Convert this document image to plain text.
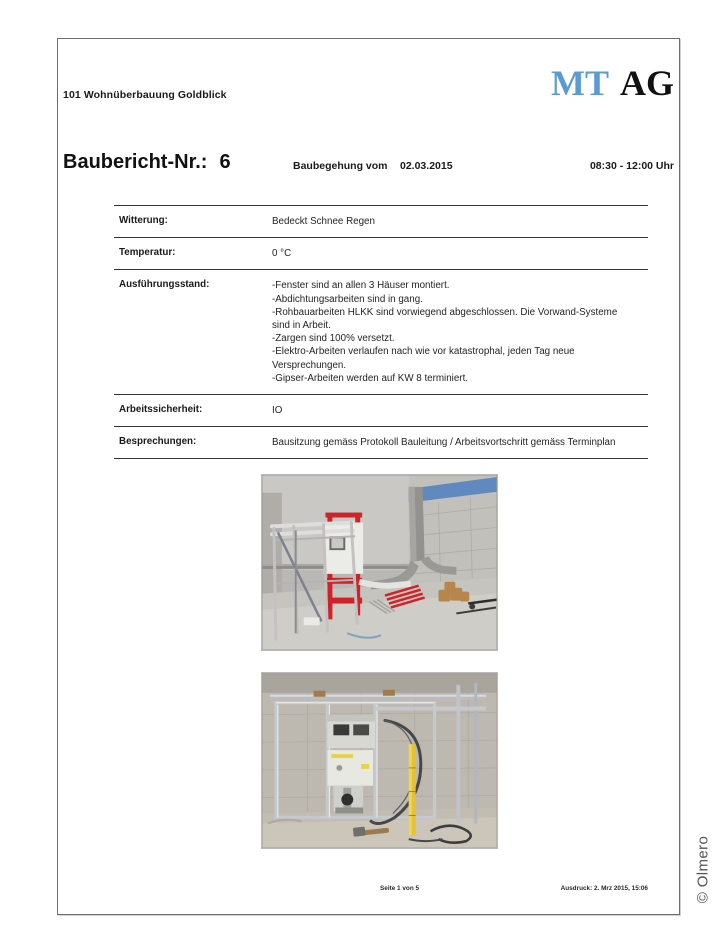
101 Wohnüberbauung Goldblick	MT AG
Baubericht-Nr.: 6	Baubegehung vom 02.03.2015	08:30 - 12:00 Uhr
Witterung:	Bedeckt Schnee Regen
Temperatur:	0 °C
Ausführungsstand:	-Fenster sind an allen 3 Häuser montiert.
-Abdichtungsarbeiten sind in gang.
-Rohbauarbeiten HLKK sind vorwiegend abgeschlossen. Die Vorwand-Systeme
sind in Arbeit.
-Zargen sind 100% versetzt.
-Elektro-Arbeiten verlaufen nach wie vor katastrophal, jeden Tag neue
Versprechungen.
-Gipser-Arbeiten werden auf KW 8 terminiert.
Arbeitssicherheit:	IO
Besprechungen:	Bausitzung gemäss Protokoll Bauleitung / Arbeitsvortschritt gemäss Terminplan
Seite 1 von 5	Ausdruck: 2. Mrz 2015, 15:06	© Olmero
